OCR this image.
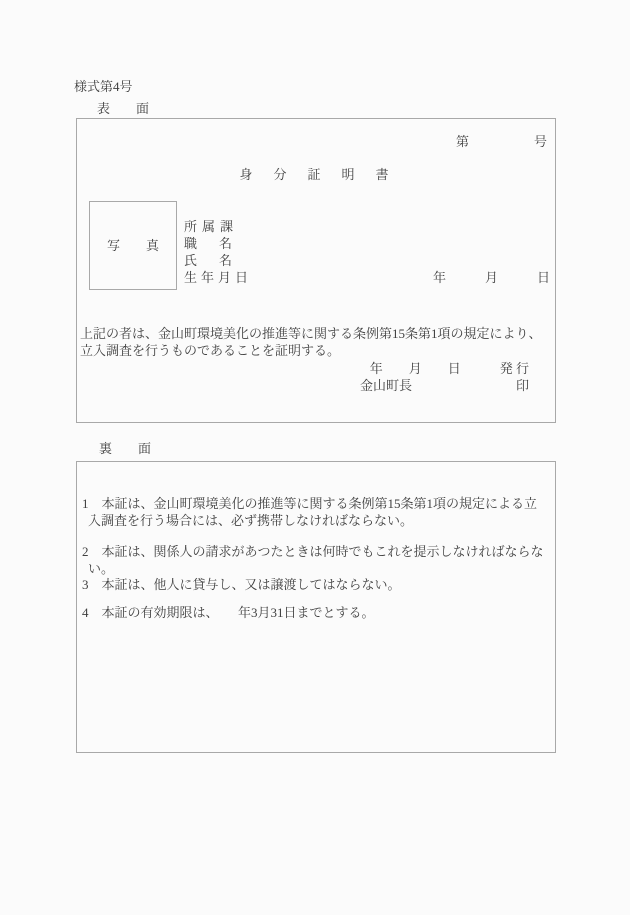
様式第4号
表　　面
第　　　　　号
身　分　証　明　書
写　　真
所属課
職名
氏名
生年月日	年　　　月　　　日
上記の者は、金山町環境美化の推進等に関する条例第15条第1項の規定により、立入調査を行うものであることを証明する。
年　　月　　日　　　発 行
金山町長　　　　　　　　印
裏　　面
1 本証は、金山町環境美化の推進等に関する条例第15条第1項の規定による立入調査を行う場合には、必ず携帯しなければならない。
2 本証は、関係人の請求があつたときは何時でもこれを提示しなければならない。
3 本証は、他人に貸与し、又は譲渡してはならない。
4 本証の有効期限は、　　年3月31日までとする。
